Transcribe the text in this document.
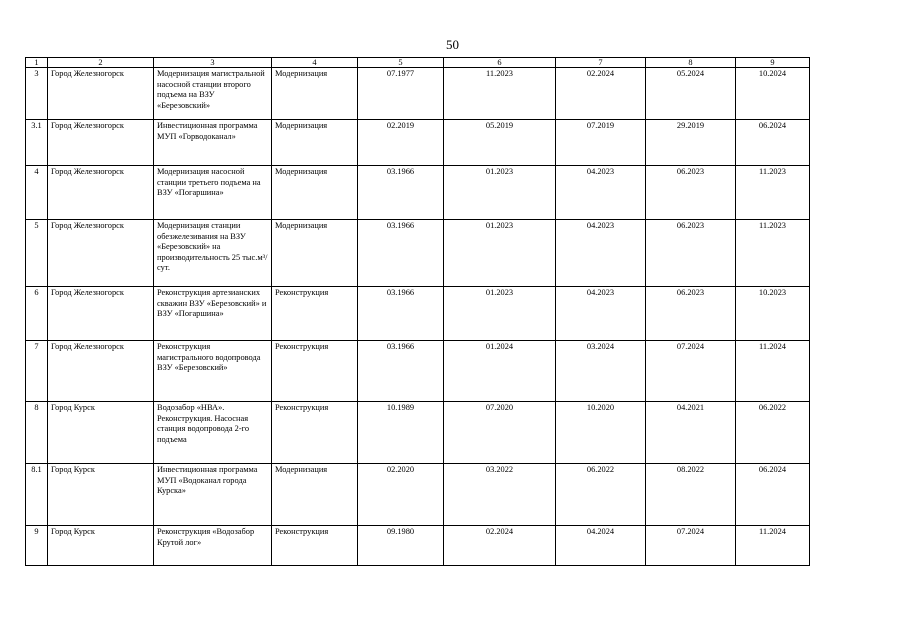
50
1	2	3	4	5	6	7	8	9
3	Город Железногорск	Модернизация магистральной насосной станции второго подъема на ВЗУ «Березовский»	Модернизация	07.1977	11.2023	02.2024	05.2024	10.2024
3.1	Город Железногорск	Инвестиционная программа МУП «Горводоканал»	Модернизация	02.2019	05.2019	07.2019	29.2019	06.2024
4	Город Железногорск	Модернизация насосной станции третьего подъема на ВЗУ «Погаршина»	Модернизация	03.1966	01.2023	04.2023	06.2023	11.2023
5	Город Железногорск	Модернизация станции обезжелезивания на ВЗУ «Березовский» на производительность 25 тыс.м³/сут.	Модернизация	03.1966	01.2023	04.2023	06.2023	11.2023
6	Город Железногорск	Реконструкция артезианских скважин ВЗУ «Березовский» и ВЗУ «Погаршина»	Реконструкция	03.1966	01.2023	04.2023	06.2023	10.2023
7	Город Железногорск	Реконструкция магистрального водопровода ВЗУ «Березовский»	Реконструкция	03.1966	01.2024	03.2024	07.2024	11.2024
8	Город Курск	Водозабор «НВА». Реконструкция. Насосная станция водопровода 2-го подъема	Реконструкция	10.1989	07.2020	10.2020	04.2021	06.2022
8.1	Город Курск	Инвестиционная программа МУП «Водоканал города Курска»	Модернизация	02.2020	03.2022	06.2022	08.2022	06.2024
9	Город Курск	Реконструкция «Водозабор Крутой лог»	Реконструкция	09.1980	02.2024	04.2024	07.2024	11.2024
